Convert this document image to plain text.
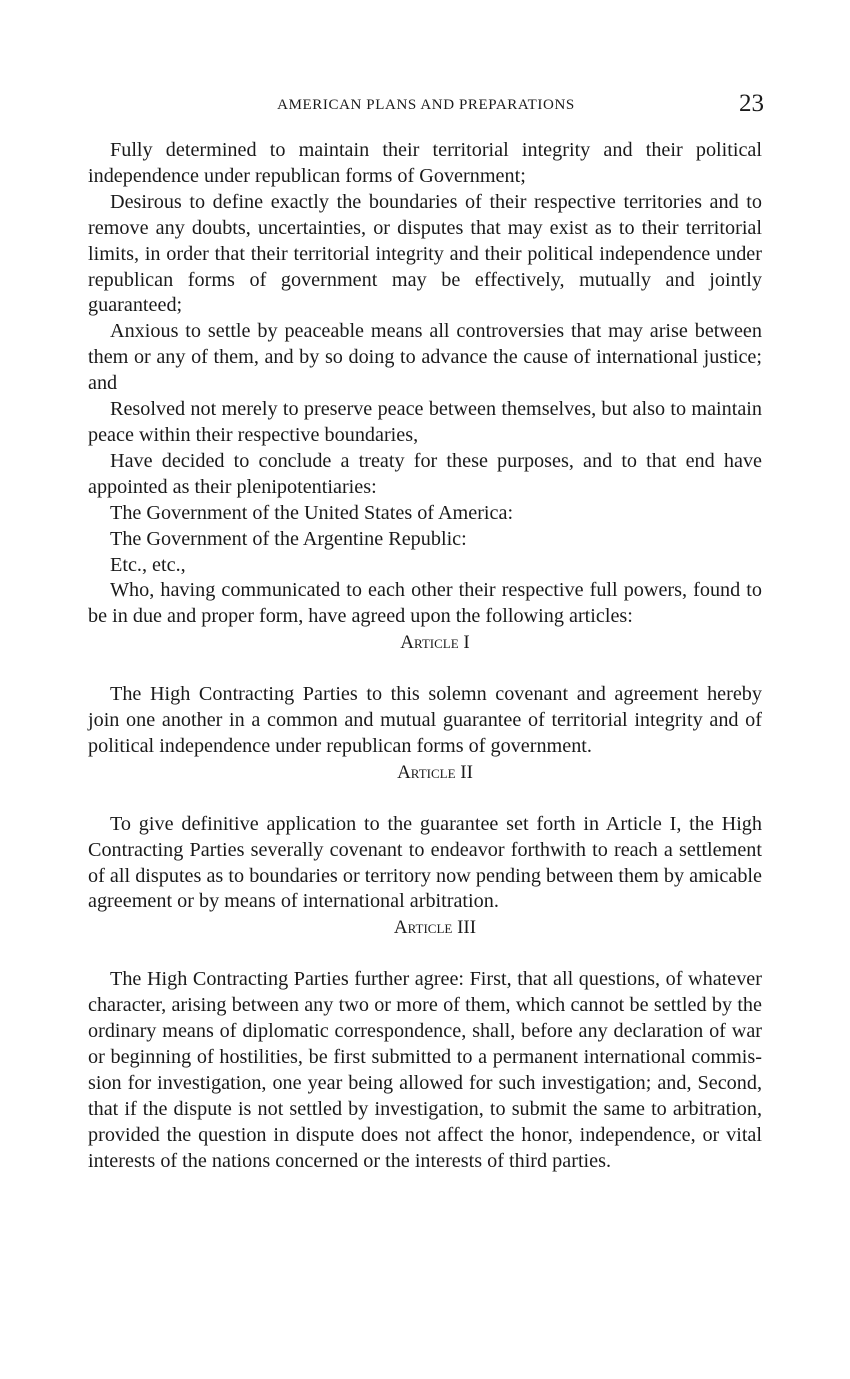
AMERICAN PLANS AND PREPARATIONS	23

Fully determined to maintain their territorial integrity and their political independence under republican forms of Government;

Desirous to define exactly the boundaries of their respective territories and to remove any doubts, uncertainties, or disputes that may exist as to their territorial limits, in order that their territorial integrity and their political independence under republican forms of government may be effectively, mutually and jointly guaranteed;

Anxious to settle by peaceable means all controversies that may arise between them or any of them, and by so doing to advance the cause of international justice; and

Resolved not merely to preserve peace between themselves, but also to maintain peace within their respective boundaries,

Have decided to conclude a treaty for these purposes, and to that end have appointed as their plenipotentiaries:

The Government of the United States of America:

The Government of the Argentine Republic:

Etc., etc.,

Who, having communicated to each other their respective full powers, found to be in due and proper form, have agreed upon the following articles:

Article I

The High Contracting Parties to this solemn covenant and agreement hereby join one another in a common and mutual guarantee of territorial integrity and of political independence under republican forms of government.

Article II

To give definitive application to the guarantee set forth in Article I, the High Contracting Parties severally covenant to endeavor forthwith to reach a settlement of all disputes as to boundaries or territory now pending between them by amicable agreement or by means of international arbitration.

Article III

The High Contracting Parties further agree: First, that all questions, of whatever character, arising between any two or more of them, which cannot be settled by the ordinary means of diplomatic correspondence, shall, before any declaration of war or beginning of hostilities, be first submitted to a permanent international commission for investigation, one year being allowed for such investigation; and, Second, that if the dispute is not settled by investigation, to submit the same to arbitration, provided the question in dispute does not affect the honor, independence, or vital interests of the nations concerned or the interests of third parties.
